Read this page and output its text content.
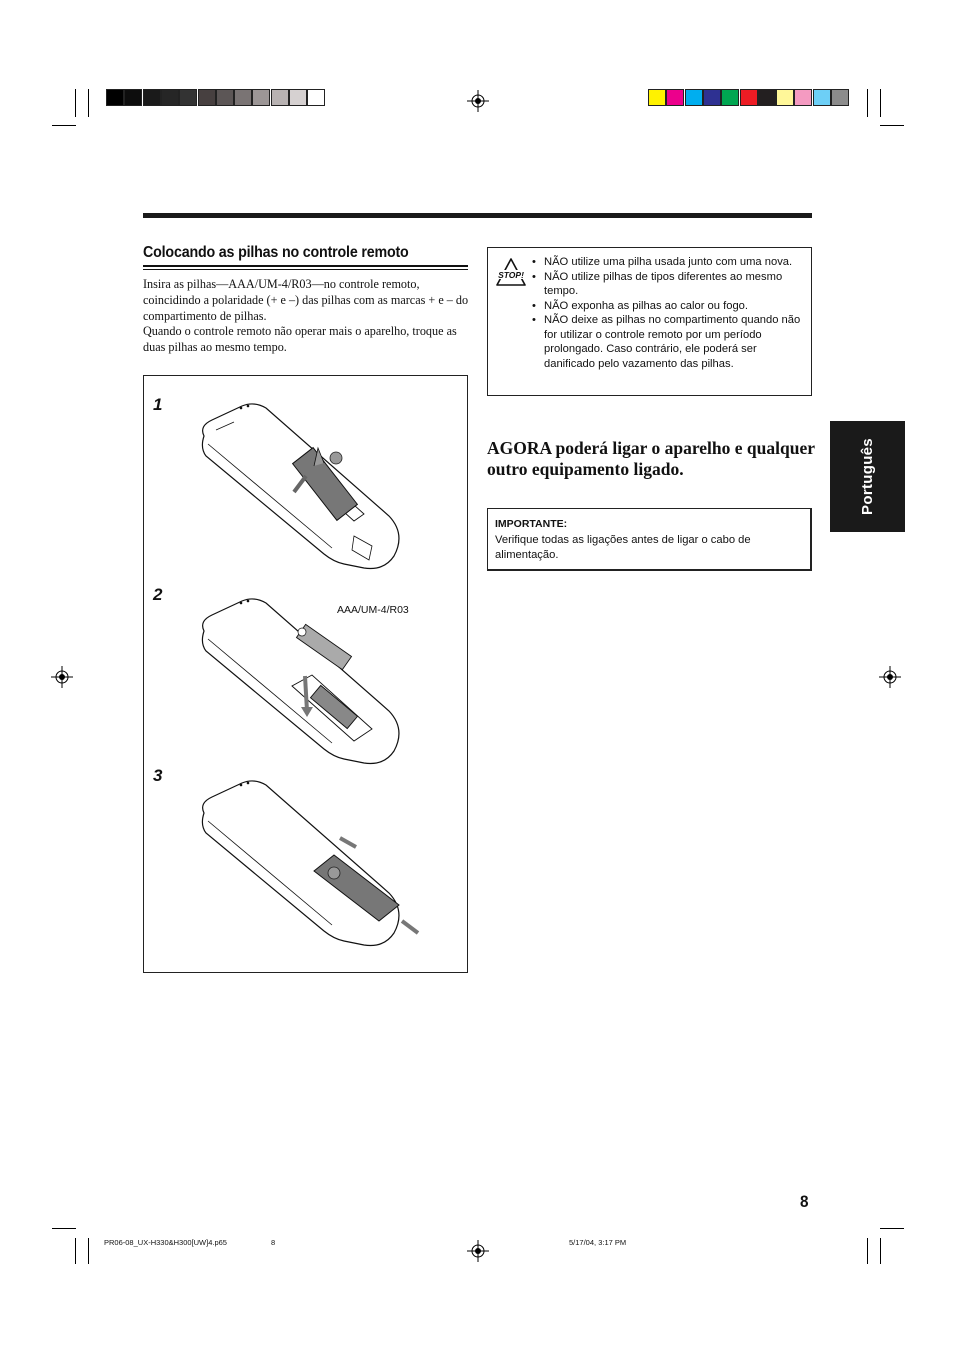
Colocando as pilhas no controle remoto

Insira as pilhas—AAA/UM-4/R03—no controle remoto, coincidindo a polaridade (+ e –) das pilhas com as marcas + e – do compartimento de pilhas.

Quando o controle remoto não operar mais o aparelho, troque as duas pilhas ao mesmo tempo.

1
2
3
AAA/UM-4/R03
STOP!
• NÃO utilize uma pilha usada junto com uma nova.
• NÃO utilize pilhas de tipos diferentes ao mesmo tempo.
• NÃO exponha as pilhas ao calor ou fogo.
• NÃO deixe as pilhas no compartimento quando não for utilizar o controle remoto por um período prolongado. Caso contrário, ele poderá ser danificado pelo vazamento das pilhas.
AGORA poderá ligar o aparelho e qualquer outro equipamento ligado.
IMPORTANTE:
Verifique todas as ligações antes de ligar o cabo de alimentação.
Português
8
PR06-08_UX-H330&H300[UW]4.p65	8	5/17/04, 3:17 PM
